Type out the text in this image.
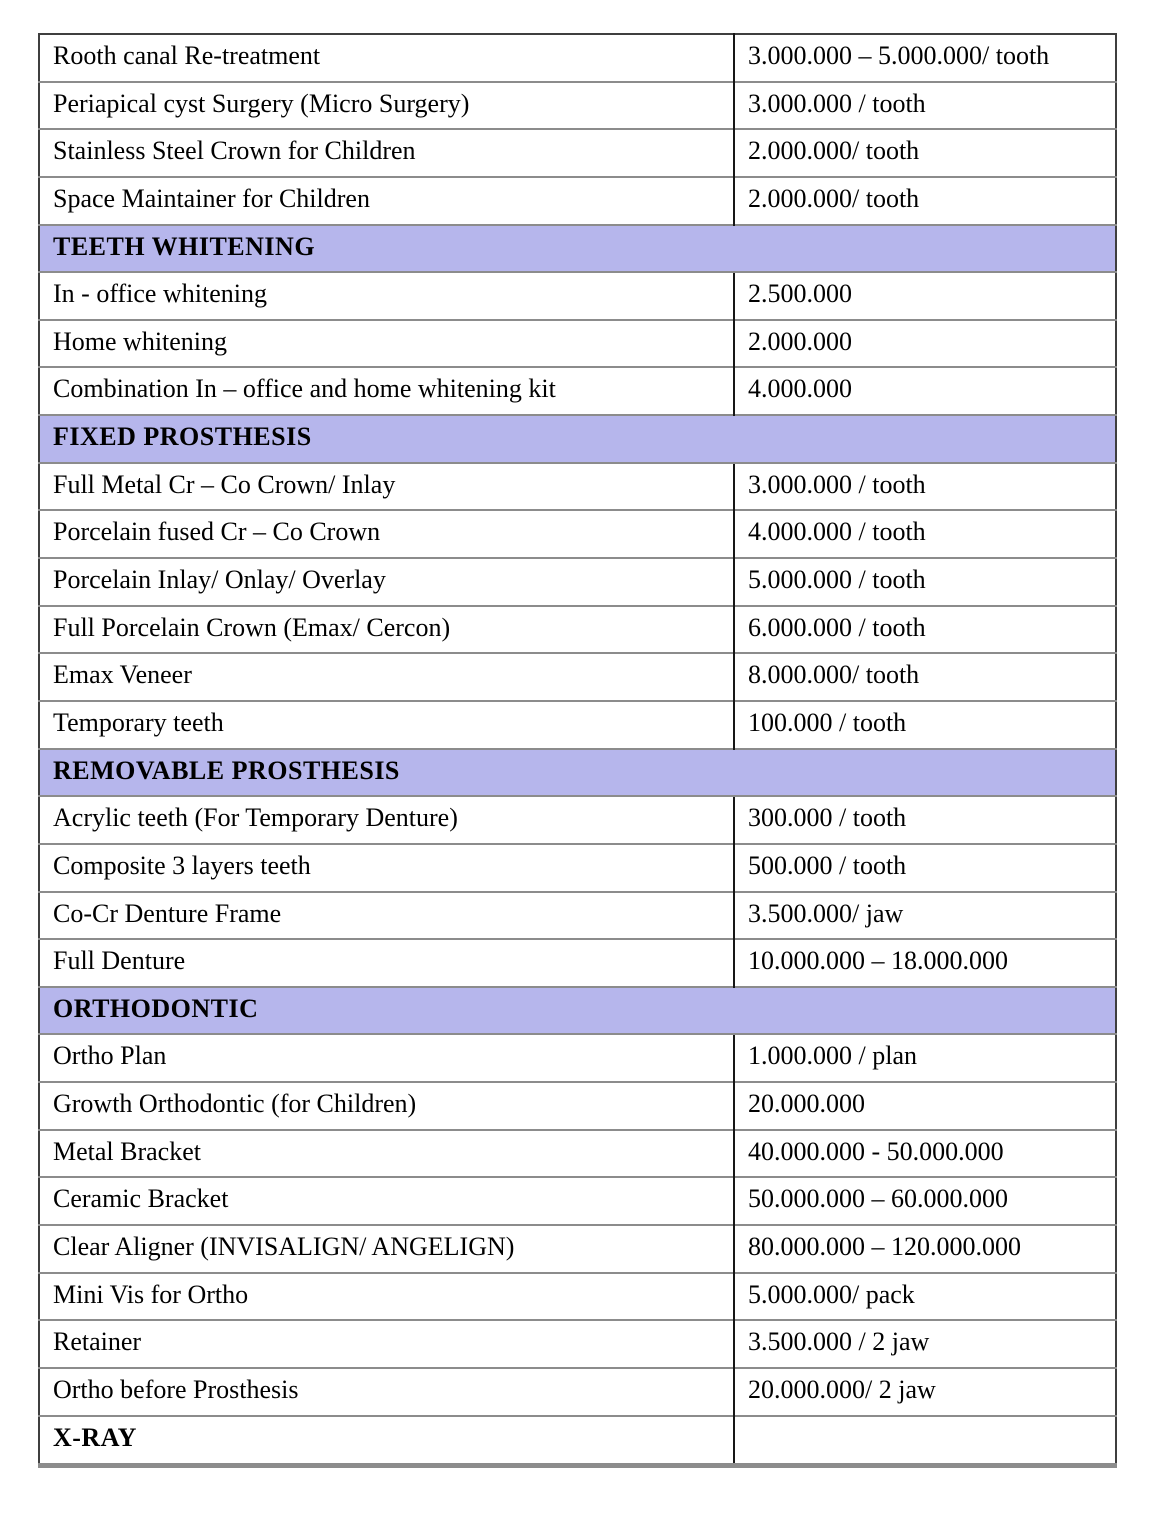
Rooth canal Re-treatment	3.000.000 – 5.000.000/ tooth
Periapical cyst Surgery (Micro Surgery)	3.000.000 / tooth
Stainless Steel Crown for Children	2.000.000/ tooth
Space Maintainer for Children	2.000.000/ tooth
TEETH WHITENING	
In - office whitening	2.500.000
Home whitening	2.000.000
Combination In – office and home whitening kit	4.000.000
FIXED PROSTHESIS	
Full Metal Cr – Co Crown/ Inlay	3.000.000 / tooth
Porcelain fused Cr – Co Crown	4.000.000 / tooth
Porcelain Inlay/ Onlay/ Overlay	5.000.000 / tooth
Full Porcelain Crown (Emax/ Cercon)	6.000.000 / tooth
Emax Veneer	8.000.000/ tooth
Temporary teeth	100.000 / tooth
REMOVABLE PROSTHESIS	
Acrylic teeth (For Temporary Denture)	300.000 / tooth
Composite 3 layers teeth	500.000 / tooth
Co-Cr Denture Frame	3.500.000/ jaw
Full Denture	10.000.000 – 18.000.000
ORTHODONTIC	
Ortho Plan	1.000.000 / plan
Growth Orthodontic (for Children)	20.000.000
Metal Bracket	40.000.000 - 50.000.000
Ceramic Bracket	50.000.000 – 60.000.000
Clear Aligner (INVISALIGN/ ANGELIGN)	80.000.000 – 120.000.000
Mini Vis for Ortho	5.000.000/ pack
Retainer	3.500.000 / 2 jaw
Ortho before Prosthesis	20.000.000/ 2 jaw
X-RAY	
